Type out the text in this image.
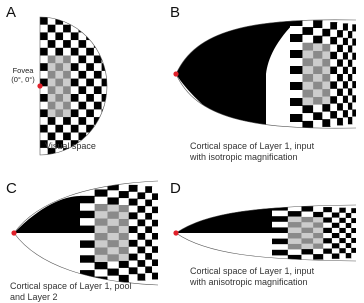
A	B
C	D
Fovea
(0°, 0°)
Visual space	Cortical space of Layer 1, input
with isotropic magnification
Cortical space of Layer 1, pool
and Layer 2
Cortical space of Layer 1, input
with anisotropic magnification
